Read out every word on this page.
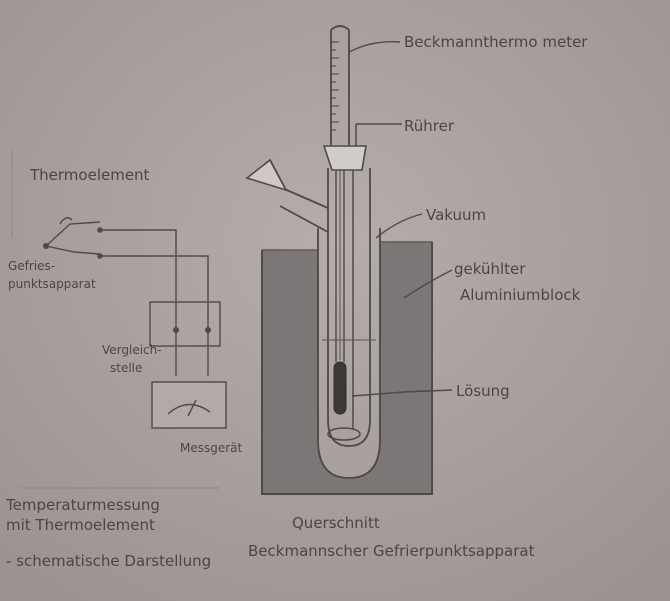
Beckmannthermo meter
Rührer
Vakuum
gekühlter
Aluminiumblock
Lösung
Thermoelement
Gefries-
punktsapparat
Vergleich-
stelle
Messgerät
Temperaturmessung
mit Thermoelement
- schematische Darstellung
Querschnitt
Beckmannscher Gefrierpunktsapparat
